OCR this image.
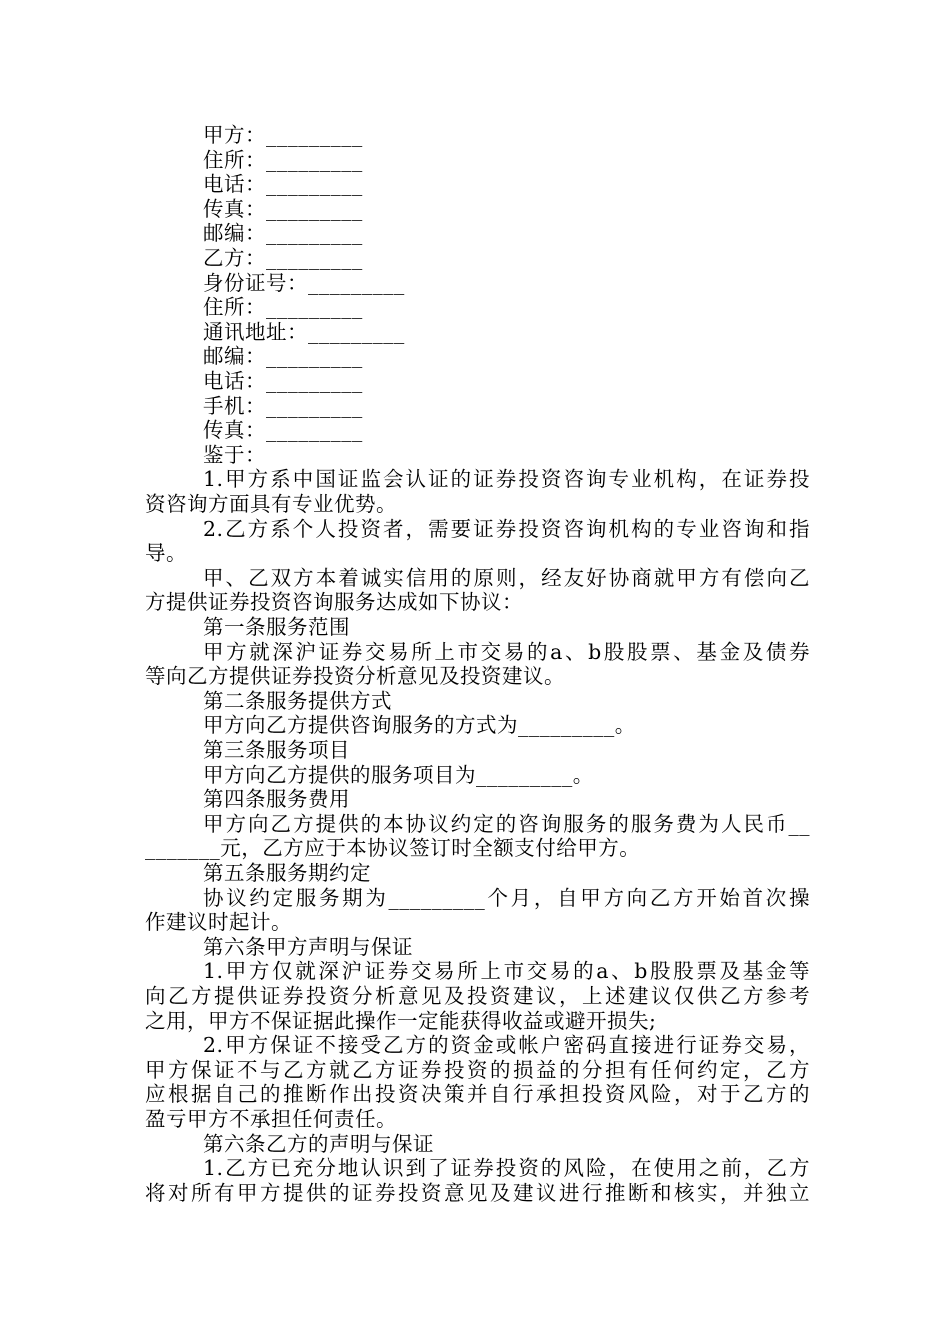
甲方：_________
住所：_________
电话：_________
传真：_________
邮编：_________
乙方：_________
身份证号：_________
住所：_________
通讯地址：_________
邮编：_________
电话：_________
手机：_________
传真：_________
鉴于：
1.甲方系中国证监会认证的证券投资咨询专业机构，在证券投
资咨询方面具有专业优势。
2.乙方系个人投资者，需要证券投资咨询机构的专业咨询和指
导。
甲、乙双方本着诚实信用的原则，经友好协商就甲方有偿向乙
方提供证券投资咨询服务达成如下协议：
第一条服务范围
甲方就深沪证券交易所上市交易的a、b股股票、基金及债券
等向乙方提供证券投资分析意见及投资建议。
第二条服务提供方式
甲方向乙方提供咨询服务的方式为_________。
第三条服务项目
甲方向乙方提供的服务项目为_________。
第四条服务费用
甲方向乙方提供的本协议约定的咨询服务的服务费为人民币__
_______元，乙方应于本协议签订时全额支付给甲方。
第五条服务期约定
协议约定服务期为_________个月，自甲方向乙方开始首次操
作建议时起计。
第六条甲方声明与保证
1.甲方仅就深沪证券交易所上市交易的a、b股股票及基金等
向乙方提供证券投资分析意见及投资建议，上述建议仅供乙方参考
之用，甲方不保证据此操作一定能获得收益或避开损失;
2.甲方保证不接受乙方的资金或帐户密码直接进行证券交易，
甲方保证不与乙方就乙方证券投资的损益的分担有任何约定，乙方
应根据自己的推断作出投资决策并自行承担投资风险，对于乙方的
盈亏甲方不承担任何责任。
第六条乙方的声明与保证
1.乙方已充分地认识到了证券投资的风险，在使用之前，乙方
将对所有甲方提供的证券投资意见及建议进行推断和核实，并独立
